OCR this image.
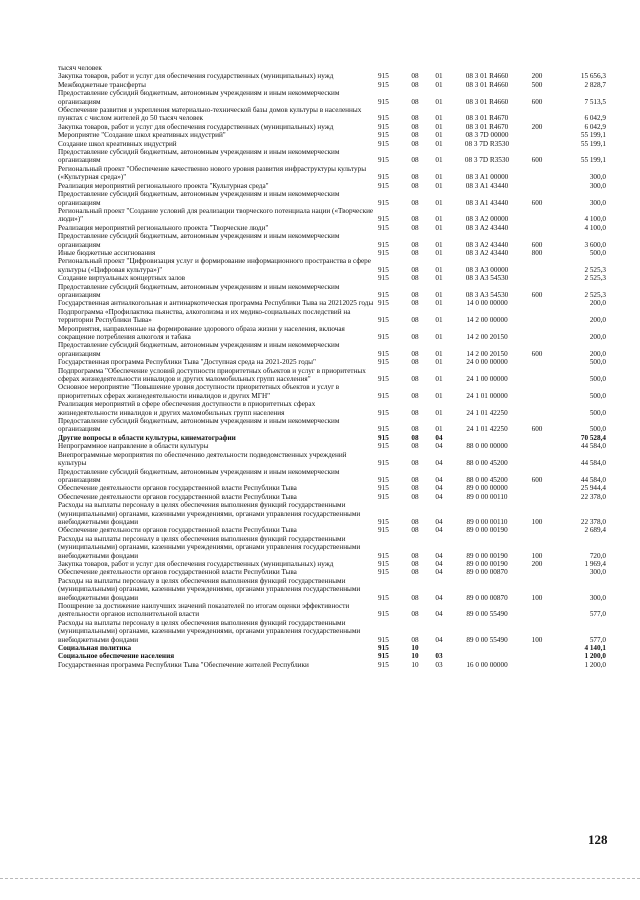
тысяч человек
Закупка товаров, работ и услуг для обеспечения государственных (муниципальных) нужд	915	08	01	08 3 01 R4660	200	15 656,3
Межбюджетные трансферты	915	08	01	08 3 01 R4660	500	2 828,7
Предоставление субсидий бюджетным, автономным учреждениям и иным некоммерческим организациям	915	08	01	08 3 01 R4660	600	7 513,5
Обеспечение развития и укрепления материально-технической базы домов культуры в населенных пунктах с числом жителей до 50 тысяч человек	915	08	01	08 3 01 R4670	6 042,9
Закупка товаров, работ и услуг для обеспечения государственных (муниципальных) нужд	915	08	01	08 3 01 R4670	200	6 042,9
Мероприятие "Создание школ креативных индустрий"	915	08	01	08 3 7D 00000	55 199,1
Создание школ креативных индустрий	915	08	01	08 3 7D R3530	55 199,1
Предоставление субсидий бюджетным, автономным учреждениям и иным некоммерческим организациям	915	08	01	08 3 7D R3530	600	55 199,1
Региональный проект "Обеспечение качественно нового уровня развития инфраструктуры культуры («Культурная среда»)"	915	08	01	08 3 A1 00000	300,0
Реализация мероприятий регионального проекта "Культурная среда"	915	08	01	08 3 A1 43440	300,0
Предоставление субсидий бюджетным, автономным учреждениям и иным некоммерческим организациям	915	08	01	08 3 A1 43440	600	300,0
Региональный проект "Создание условий для реализации творческого потенциала нации («Творческие люди»)"	915	08	01	08 3 A2 00000	4 100,0
Реализация мероприятий регионального проекта "Творческие люди"	915	08	01	08 3 A2 43440	4 100,0
Предоставление субсидий бюджетным, автономным учреждениям и иным некоммерческим организациям	915	08	01	08 3 A2 43440	600	3 600,0
Иные бюджетные ассигнования	915	08	01	08 3 A2 43440	800	500,0
Региональный проект "Цифровизация услуг и формирование информационного пространства в сфере культуры («Цифровая культура»)"	915	08	01	08 3 A3 00000	2 525,3
Создание виртуальных концертных залов	915	08	01	08 3 A3 54530	2 525,3
Предоставление субсидий бюджетным, автономным учреждениям и иным некоммерческим организациям	915	08	01	08 3 A3 54530	600	2 525,3
Государственная антиалкогольная и антинаркотическая программа Республики Тыва на 20212025 годы 915	08	01	14 0 00 00000	200,0
Подпрограмма «Профилактика пьянства, алкоголизма и их медико-социальных последствий на территории Республики Тыва»	915	08	01	14 2 00 00000	200,0
Мероприятия, направленные на формирование здорового образа жизни у населения, включая сокращение потребления алкоголя и табака	915	08	01	14 2 00 20150	200,0
Предоставление субсидий бюджетным, автономным учреждениям и иным некоммерческим организациям	915	08	01	14 2 00 20150	600	200,0
Государственная программа Республики Тыва "Доступная среда на 2021-2025 годы"	915	08	01	24 0 00 00000	500,0
Подпрограмма "Обеспечение условий доступности приоритетных объектов и услуг в приоритетных сферах жизнедеятельности инвалидов и других маломобильных групп населения"	915	08	01	24 1 00 00000	500,0
Основное мероприятие "Повышение уровня доступности приоритетных объектов и услуг в приоритетных сферах жизнедеятельности инвалидов и других МГН"	915	08	01	24 1 01 00000	500,0
Реализация мероприятий в сфере обеспечения доступности в приоритетных сферах жизнедеятельности инвалидов и других маломобильных групп населения	915	08	01	24 1 01 42250	500,0
Предоставление субсидий бюджетным, автономным учреждениям и иным некоммерческим организациям	915	08	01	24 1 01 42250	600	500,0
Другие вопросы в области культуры, кинематографии	915	08	04	70 528,4
Непрограммное направление в области культуры	915	08	04	88 0 00 00000	44 584,0
Внепрограммные мероприятия по обеспечению деятельности подведомственных учреждений культуры	915	08	04	88 0 00 45200	44 584,0
Предоставление субсидий бюджетным, автономным учреждениям и иным некоммерческим организациям	915	08	04	88 0 00 45200	600	44 584,0
Обеспечение деятельности органов государственной власти Республики Тыва	915	08	04	89 0 00 00000	25 944,4
Обеспечение деятельности органов государственной власти Республики Тыва	915	08	04	89 0 00 00110	22 378,0
Расходы на выплаты персоналу в целях обеспечения выполнения функций государственными (муниципальными) органами, казенными учреждениями, органами управления государственными внебюджетными фондами	915	08	04	89 0 00 00110	100	22 378,0
Обеспечение деятельности органов государственной власти Республики Тыва	915	08	04	89 0 00 00190	2 689,4
Расходы на выплаты персоналу в целях обеспечения выполнения функций государственными (муниципальными) органами, казенными учреждениями, органами управления государственными внебюджетными фондами	915	08	04	89 0 00 00190	100	720,0
Закупка товаров, работ и услуг для обеспечения государственных (муниципальных) нужд	915	08	04	89 0 00 00190	200	1 969,4
Обеспечение деятельности органов государственной власти Республики Тыва	915	08	04	89 0 00 00870	300,0
Расходы на выплаты персоналу в целях обеспечения выполнения функций государственными (муниципальными) органами, казенными учреждениями, органами управления государственными внебюджетными фондами	915	08	04	89 0 00 00870	100	300,0
Поощрение за достижение наилучших значений показателей по итогам оценки эффективности деятельности органов исполнительной власти	915	08	04	89 0 00 55490	577,0
Расходы на выплаты персоналу в целях обеспечения выполнения функций государственными (муниципальными) органами, казенными учреждениями, органами управления государственными внебюджетными фондами	915	08	04	89 0 00 55490	100	577,0
Социальная политика	915	10	4 140,1
Социальное обеспечение населения	915	10	03	1 200,0
Государственная программа Республики Тыва "Обеспечение жителей Республики	915	10	03	16 0 00 00000	1 200,0
128
